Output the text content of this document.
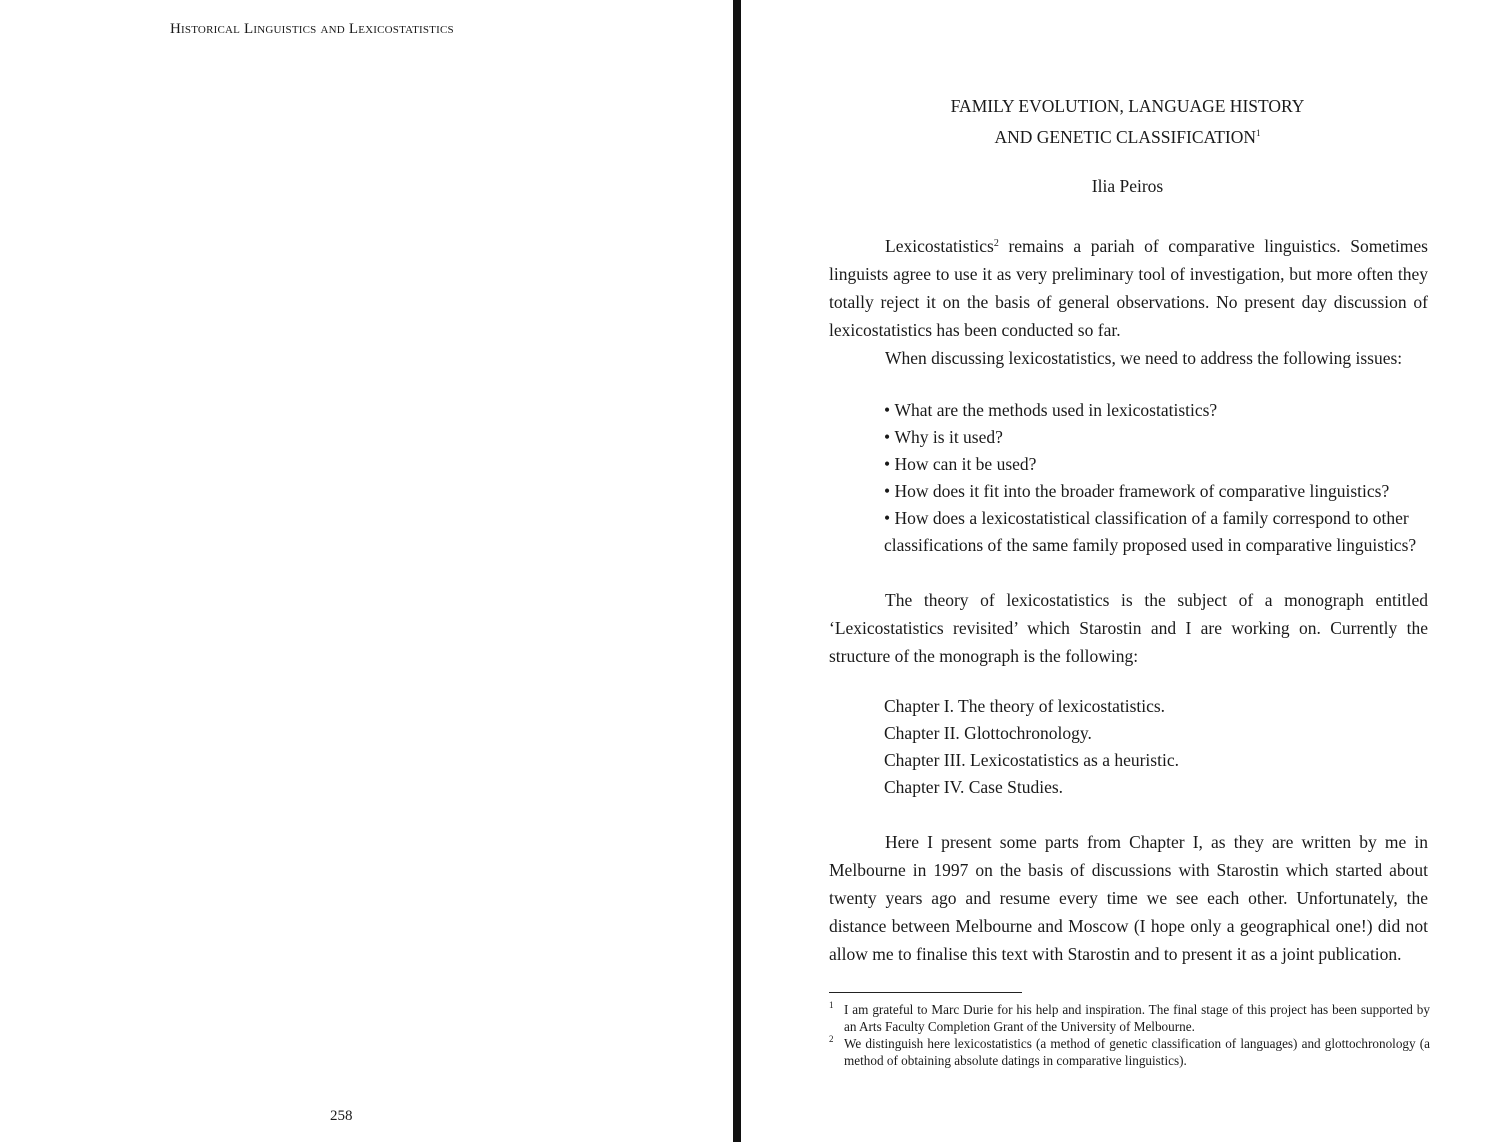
Historical Linguistics and Lexicostatistics
258
FAMILY EVOLUTION, LANGUAGE HISTORY
AND GENETIC CLASSIFICATION$^1$
Ilia Peiros

Lexicostatistics$^2$ remains a pariah of comparative linguistics. Sometimes linguists agree to use it as very preliminary tool of investigation, but more often they totally reject it on the basis of general observations. No present day discussion of lexicostatistics has been conducted so far.

When discussing lexicostatistics, we need to address the following issues:

• What are the methods used in lexicostatistics?
• Why is it used?
• How can it be used?
• How does it fit into the broader framework of comparative linguistics?
• How does a lexicostatistical classification of a family correspond to other classifications of the same family proposed used in comparative linguistics?

The theory of lexicostatistics is the subject of a monograph entitled ‘Lexicostatistics revisited’ which Starostin and I are working on. Currently the structure of the monograph is the following:

Chapter I. The theory of lexicostatistics.
Chapter II. Glottochronology.
Chapter III. Lexicostatistics as a heuristic.
Chapter IV. Case Studies.

Here I present some parts from Chapter I, as they are written by me in Melbourne in 1997 on the basis of discussions with Starostin which started about twenty years ago and resume every time we see each other. Unfortunately, the distance between Melbourne and Moscow (I hope only a geographical one!) did not allow me to finalise this text with Starostin and to present it as a joint publication.

1 I am grateful to Marc Durie for his help and inspiration. The final stage of this project has been supported by an Arts Faculty Completion Grant of the University of Melbourne.

2 We distinguish here lexicostatistics (a method of genetic classification of languages) and glottochronology (a method of obtaining absolute datings in comparative linguistics).
